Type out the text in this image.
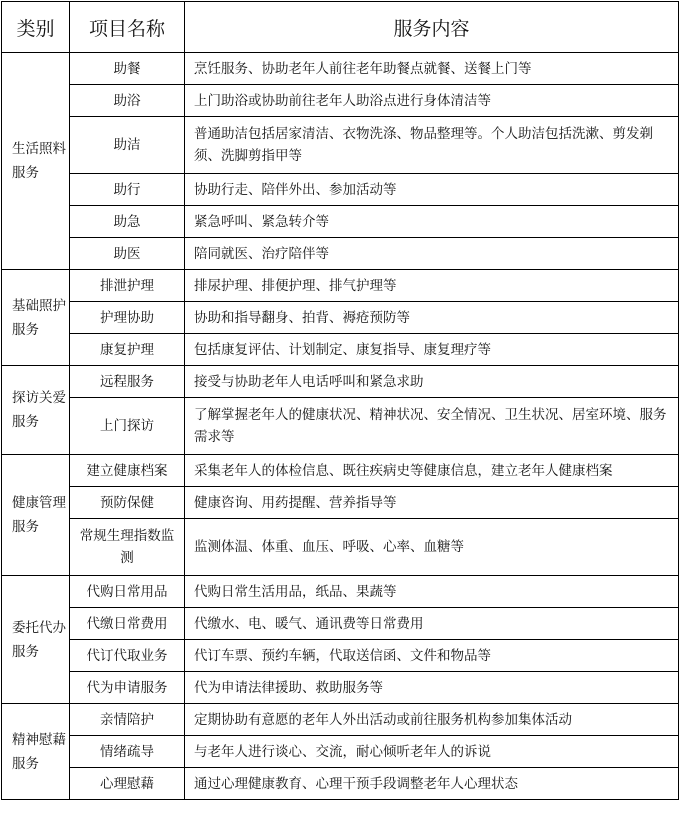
类别	项目名称	服务内容
生活照料服务	助餐	烹饪服务、协助老年人前往老年助餐点就餐、送餐上门等
	助浴	上门助浴或协助前往老年人助浴点进行身体清洁等
	助洁	普通助洁包括居家清洁、衣物洗涤、物品整理等。个人助洁包括洗漱、剪发剃须、洗脚剪指甲等
	助行	协助行走、陪伴外出、参加活动等
	助急	紧急呼叫、紧急转介等
	助医	陪同就医、治疗陪伴等
基础照护服务	排泄护理	排尿护理、排便护理、排气护理等
	护理协助	协助和指导翻身、拍背、褥疮预防等
	康复护理	包括康复评估、计划制定、康复指导、康复理疗等
探访关爱服务	远程服务	接受与协助老年人电话呼叫和紧急求助
	上门探访	了解掌握老年人的健康状况、精神状况、安全情况、卫生状况、居室环境、服务需求等
健康管理服务	建立健康档案	采集老年人的体检信息、既往疾病史等健康信息，建立老年人健康档案
	预防保健	健康咨询、用药提醒、营养指导等
	常规生理指数监测	监测体温、体重、血压、呼吸、心率、血糖等
委托代办服务	代购日常用品	代购日常生活用品，纸品、果蔬等
	代缴日常费用	代缴水、电、暖气、通讯费等日常费用
	代订代取业务	代订车票、预约车辆，代取送信函、文件和物品等
	代为申请服务	代为申请法律援助、救助服务等
精神慰藉服务	亲情陪护	定期协助有意愿的老年人外出活动或前往服务机构参加集体活动
	情绪疏导	与老年人进行谈心、交流，耐心倾听老年人的诉说
	心理慰藉	通过心理健康教育、心理干预手段调整老年人心理状态
